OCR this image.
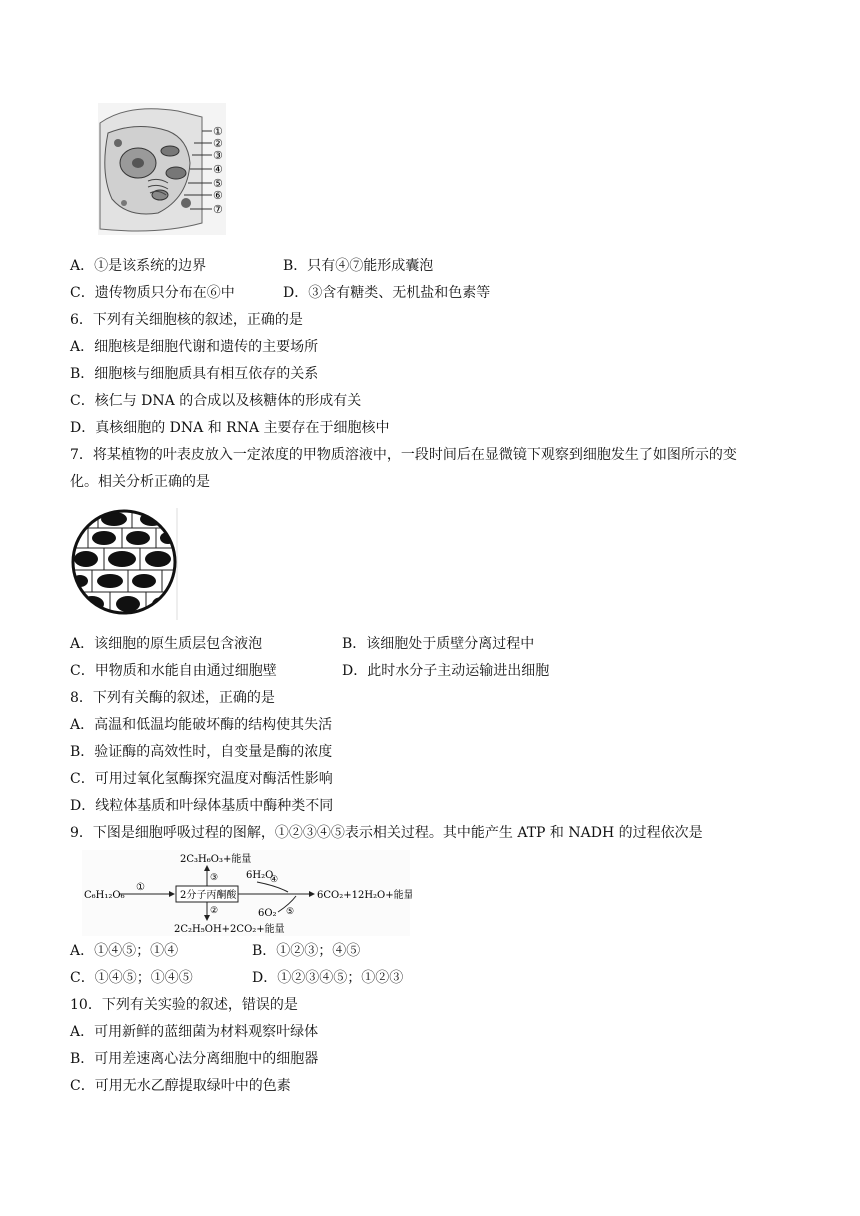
①
②
③
④
⑤
⑥
⑦
A．①是该系统的边界	B．只有④⑦能形成囊泡
C．遗传物质只分布在⑥中	D．③含有糖类、无机盐和色素等
6．下列有关细胞核的叙述，正确的是
A．细胞核是细胞代谢和遗传的主要场所
B．细胞核与细胞质具有相互依存的关系
C．核仁与 DNA 的合成以及核糖体的形成有关
D．真核细胞的 DNA 和 RNA 主要存在于细胞核中
7．将某植物的叶表皮放入一定浓度的甲物质溶液中，一段时间后在显微镜下观察到细胞发生了如图所示的变
化。相关分析正确的是
A．该细胞的原生质层包含液泡	B．该细胞处于质壁分离过程中
C．甲物质和水能自由通过细胞壁	D．此时水分子主动运输进出细胞
8．下列有关酶的叙述，正确的是
A．高温和低温均能破坏酶的结构使其失活
B．验证酶的高效性时，自变量是酶的浓度
C．可用过氧化氢酶探究温度对酶活性影响
D．线粒体基质和叶绿体基质中酶种类不同
9．下图是细胞呼吸过程的图解，①②③④⑤表示相关过程。其中能产生 ATP 和 NADH 的过程依次是
C₆H₁₂O₆
①
2分子丙酮酸
③
2C₃H₆O₃+能量
6H₂O
④
6CO₂+12H₂O+能量
6O₂ ⑤
②
2C₂H₅OH+2CO₂+能量
A．①④⑤；①④	B．①②③；④⑤
C．①④⑤；①④⑤	D．①②③④⑤；①②③
10．下列有关实验的叙述，错误的是
A．可用新鲜的蓝细菌为材料观察叶绿体
B．可用差速离心法分离细胞中的细胞器
C．可用无水乙醇提取绿叶中的色素
